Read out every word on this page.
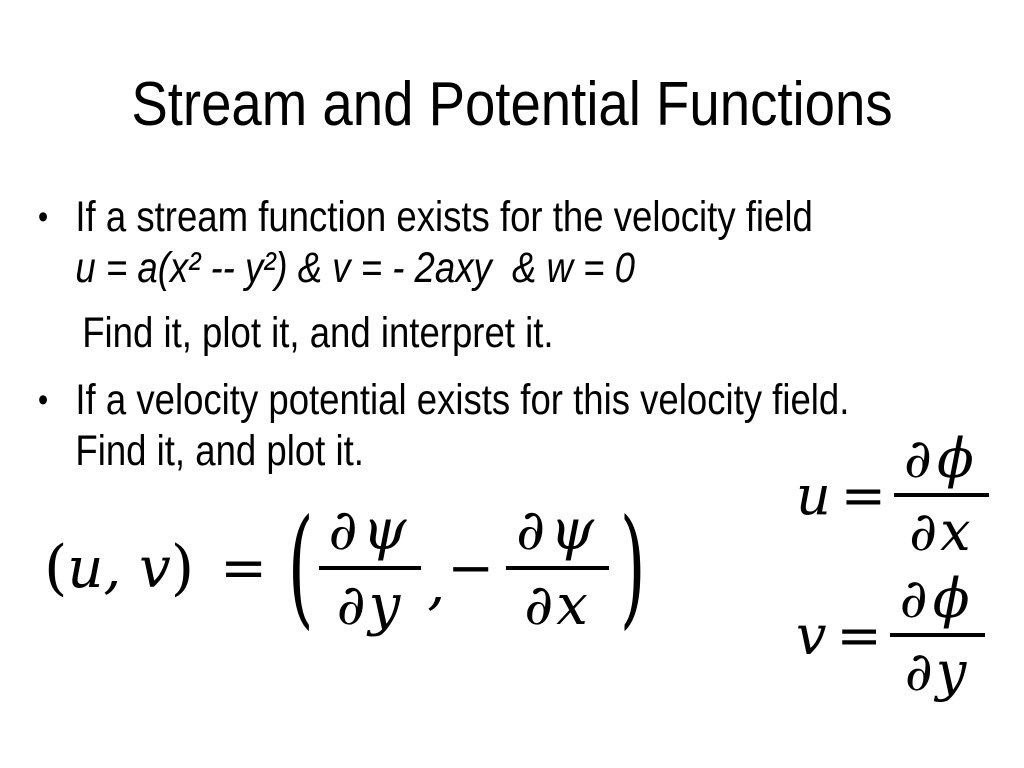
Stream and Potential Functions
• If a stream function exists for the velocity field
u = a(x² -- y²) & v = - 2axy  & w = 0
Find it, plot it, and interpret it.
• If a velocity potential exists for this velocity field.
Find it, and plot it.
( u, v ) = ( $\frac{\partial\psi}{\partial y}$ , − $\frac{\partial\psi}{\partial x}$ )	$u = \frac{\partial\phi}{\partial x}$
$v = \frac{\partial\phi}{\partial y}$
